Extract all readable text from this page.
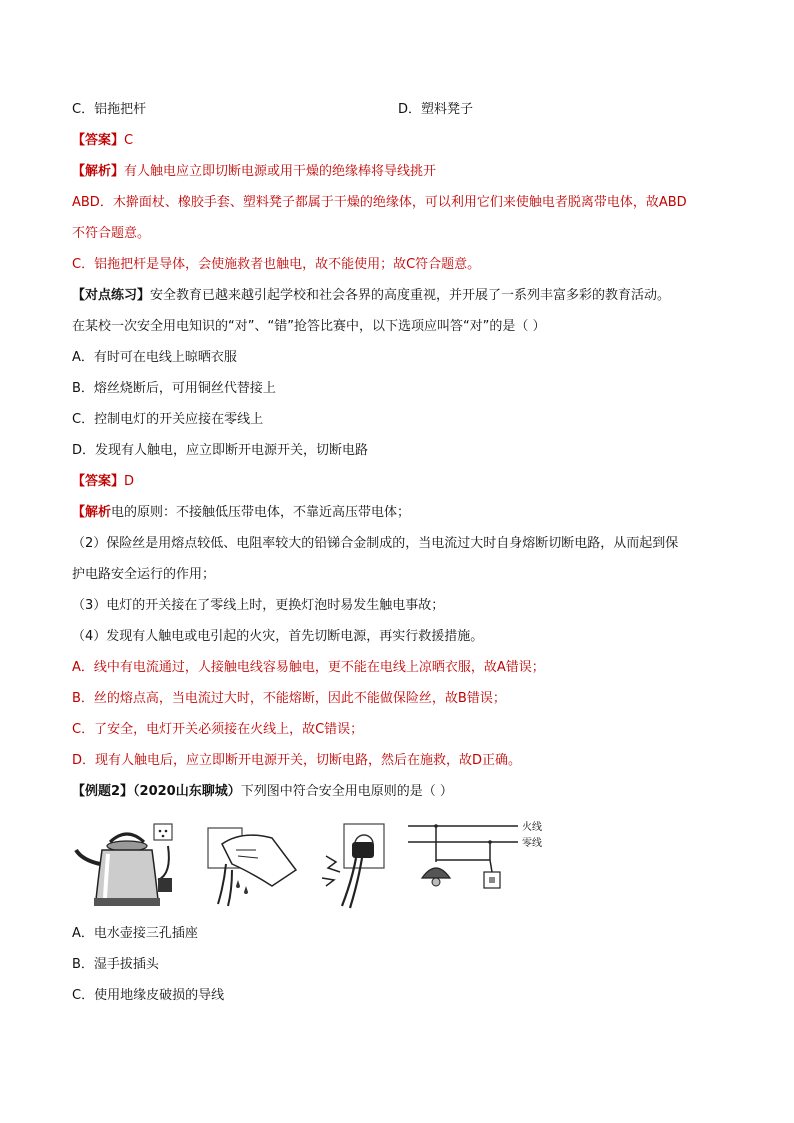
C．铝拖把杆	D．塑料凳子
【答案】C
【解析】有人触电应立即切断电源或用干燥的绝缘棒将导线挑开
ABD．木擀面杖、橡胶手套、塑料凳子都属于干燥的绝缘体，可以利用它们来使触电者脱离带电体，故ABD
不符合题意。
C．铝拖把杆是导体，会使施救者也触电，故不能使用；故C符合题意。
【对点练习】安全教育已越来越引起学校和社会各界的高度重视，并开展了一系列丰富多彩的教育活动。
在某校一次安全用电知识的“对”、“错”抢答比赛中，以下选项应叫答“对”的是（ ）
A．有时可在电线上晾晒衣服
B．熔丝烧断后，可用铜丝代替接上
C．控制电灯的开关应接在零线上
D．发现有人触电，应立即断开电源开关，切断电路
【答案】D
【解析电的原则：不接触低压带电体，不靠近高压带电体；
（2）保险丝是用熔点较低、电阻率较大的铅锑合金制成的，当电流过大时自身熔断切断电路，从而起到保
护电路安全运行的作用；
（3）电灯的开关接在了零线上时，更换灯泡时易发生触电事故；
（4）发现有人触电或电引起的火灾，首先切断电源，再实行救援措施。
A．线中有电流通过，人接触电线容易触电，更不能在电线上凉晒衣服，故A错误；
B．丝的熔点高，当电流过大时，不能熔断，因此不能做保险丝，故B错误；
C．了安全，电灯开关必须接在火线上，故C错误；
D．现有人触电后，应立即断开电源开关，切断电路，然后在施救，故D正确。
【例题2】（2020山东聊城）下列图中符合安全用电原则的是（ ）
火线
零线
A．电水壶接三孔插座
B．湿手拔插头
C．使用地缘皮破损的导线
